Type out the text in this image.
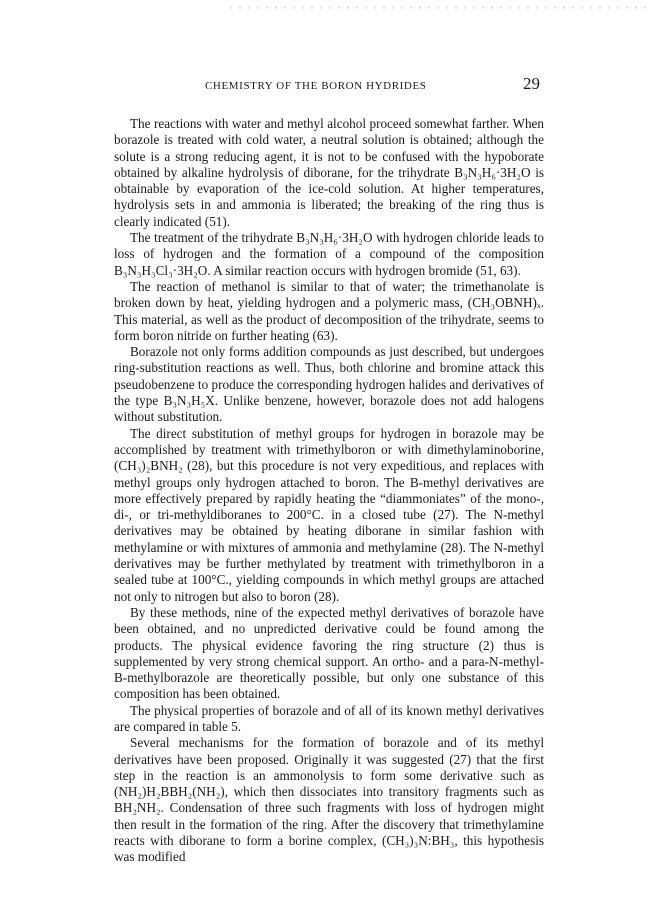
CHEMISTRY OF THE BORON HYDRIDES	29

The reactions with water and methyl alcohol proceed somewhat farther. When borazole is treated with cold water, a neutral solution is obtained; although the solute is a strong reducing agent, it is not to be confused with the hypoborate obtained by alkaline hydrolysis of diborane, for the trihydrate B₃N₃H₆·3H₂O is obtainable by evaporation of the ice-cold solution. At higher temperatures, hydrolysis sets in and ammonia is liberated; the breaking of the ring thus is clearly indicated (51).

The treatment of the trihydrate B₃N₃H₆·3H₂O with hydrogen chloride leads to loss of hydrogen and the formation of a compound of the composition B₃N₃H₃Cl₃·3H₂O. A similar reaction occurs with hydrogen bromide (51, 63).

The reaction of methanol is similar to that of water; the trimethanolate is broken down by heat, yielding hydrogen and a polymeric mass, (CH₃OBNH)ₓ. This material, as well as the product of decomposition of the trihydrate, seems to form boron nitride on further heating (63).

Borazole not only forms addition compounds as just described, but undergoes ring-substitution reactions as well. Thus, both chlorine and bromine attack this pseudobenzene to produce the corresponding hydrogen halides and derivatives of the type B₃N₃H₅X. Unlike benzene, however, borazole does not add halogens without substitution.

The direct substitution of methyl groups for hydrogen in borazole may be accomplished by treatment with trimethylboron or with dimethylaminoborine, (CH₃)₂BNH₂ (28), but this procedure is not very expeditious, and replaces with methyl groups only hydrogen attached to boron. The B-methyl derivatives are more effectively prepared by rapidly heating the “diammoniates” of the mono-, di-, or tri-methyldiboranes to 200°C. in a closed tube (27). The N-methyl derivatives may be obtained by heating diborane in similar fashion with methylamine or with mixtures of ammonia and methylamine (28). The N-methyl derivatives may be further methylated by treatment with trimethylboron in a sealed tube at 100°C., yielding compounds in which methyl groups are attached not only to nitrogen but also to boron (28).

By these methods, nine of the expected methyl derivatives of borazole have been obtained, and no unpredicted derivative could be found among the products. The physical evidence favoring the ring structure (2) thus is supplemented by very strong chemical support. An ortho- and a para-N-methyl-B-methylborazole are theoretically possible, but only one substance of this composition has been obtained.

The physical properties of borazole and of all of its known methyl derivatives are compared in table 5.

Several mechanisms for the formation of borazole and of its methyl derivatives have been proposed. Originally it was suggested (27) that the first step in the reaction is an ammonolysis to form some derivative such as (NH₂)H₂BBH₂(NH₂), which then dissociates into transitory fragments such as BH₂NH₂. Condensation of three such fragments with loss of hydrogen might then result in the formation of the ring. After the discovery that trimethylamine reacts with diborane to form a borine complex, (CH₃)₃N:BH₃, this hypothesis was modified
